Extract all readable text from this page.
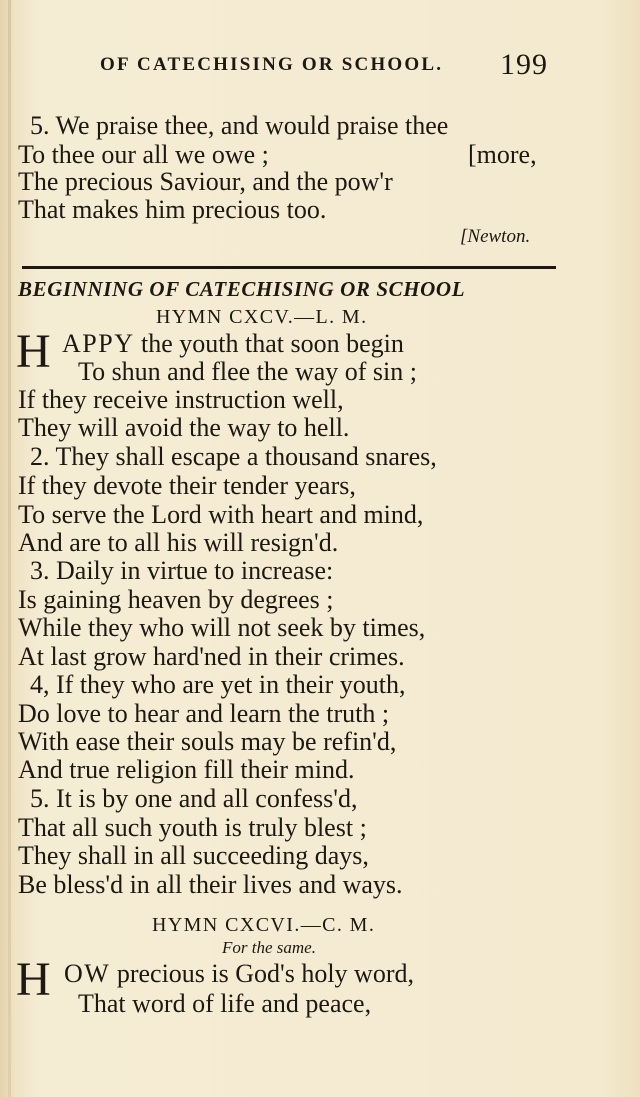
OF CATECHISING OR SCHOOL. 199
5. We praise thee, and would praise thee
To thee our all we owe ;	[more,
The precious Saviour, and the pow'r
That makes him precious too.
[Newton.
BEGINNING OF CATECHISING OR SCHOOL
HYMN CXCV.—L. M.
H APPY the youth that soon begin
To shun and flee the way of sin ;
If they receive instruction well,
They will avoid the way to hell.
2. They shall escape a thousand snares,
If they devote their tender years,
To serve the Lord with heart and mind,
And are to all his will resign'd.
3. Daily in virtue to increase:
Is gaining heaven by degrees ;
While they who will not seek by times,
At last grow hard'ned in their crimes.
4, If they who are yet in their youth,
Do love to hear and learn the truth ;
With ease their souls may be refin'd,
And true religion fill their mind.
5. It is by one and all confess'd,
That all such youth is truly blest ;
They shall in all succeeding days,
Be bless'd in all their lives and ways.
HYMN CXCVI.—C. M.
For the same.
H OW precious is God's holy word,
That word of life and peace,
